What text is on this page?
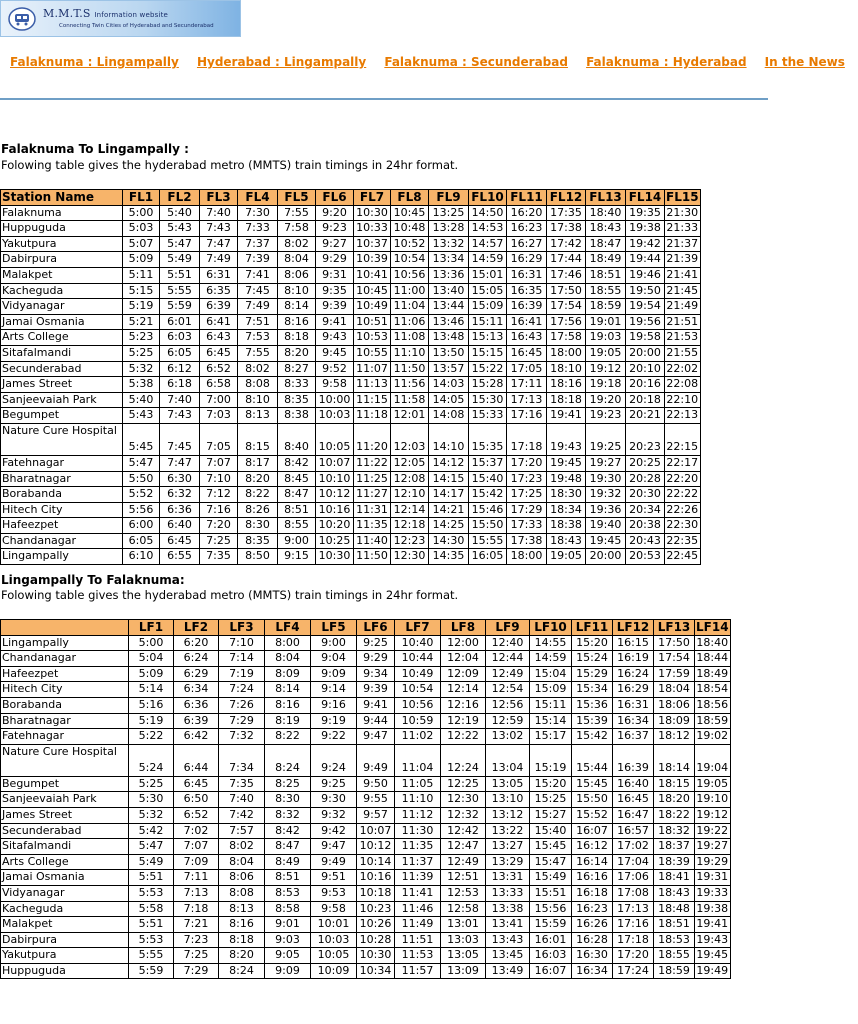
M.M.T.S Information website
Connecting Twin Cities of Hyderabad and Secunderabad
Falaknuma : Lingampally Hyderabad : Lingampally Falaknuma : Secunderabad Falaknuma : Hyderabad In the News
Falaknuma To Lingampally :
Folowing table gives the hyderabad metro (MMTS) train timings in 24hr format.
Station Name	FL1	FL2	FL3	FL4	FL5	FL6	FL7	FL8	FL9	FL10	FL11	FL12	FL13	FL14	FL15
Falaknuma	5:00	5:40	7:40	7:30	7:55	9:20	10:30	10:45	13:25	14:50	16:20	17:35	18:40	19:35	21:30
Huppuguda	5:03	5:43	7:43	7:33	7:58	9:23	10:33	10:48	13:28	14:53	16:23	17:38	18:43	19:38	21:33
Yakutpura	5:07	5:47	7:47	7:37	8:02	9:27	10:37	10:52	13:32	14:57	16:27	17:42	18:47	19:42	21:37
Dabirpura	5:09	5:49	7:49	7:39	8:04	9:29	10:39	10:54	13:34	14:59	16:29	17:44	18:49	19:44	21:39
Malakpet	5:11	5:51	6:31	7:41	8:06	9:31	10:41	10:56	13:36	15:01	16:31	17:46	18:51	19:46	21:41
Kacheguda	5:15	5:55	6:35	7:45	8:10	9:35	10:45	11:00	13:40	15:05	16:35	17:50	18:55	19:50	21:45
Vidyanagar	5:19	5:59	6:39	7:49	8:14	9:39	10:49	11:04	13:44	15:09	16:39	17:54	18:59	19:54	21:49
Jamai Osmania	5:21	6:01	6:41	7:51	8:16	9:41	10:51	11:06	13:46	15:11	16:41	17:56	19:01	19:56	21:51
Arts College	5:23	6:03	6:43	7:53	8:18	9:43	10:53	11:08	13:48	15:13	16:43	17:58	19:03	19:58	21:53
Sitafalmandi	5:25	6:05	6:45	7:55	8:20	9:45	10:55	11:10	13:50	15:15	16:45	18:00	19:05	20:00	21:55
Secunderabad	5:32	6:12	6:52	8:02	8:27	9:52	11:07	11:50	13:57	15:22	17:05	18:10	19:12	20:10	22:02
James Street	5:38	6:18	6:58	8:08	8:33	9:58	11:13	11:56	14:03	15:28	17:11	18:16	19:18	20:16	22:08
Sanjeevaiah Park	5:40	7:40	7:00	8:10	8:35	10:00	11:15	11:58	14:05	15:30	17:13	18:18	19:20	20:18	22:10
Begumpet	5:43	7:43	7:03	8:13	8:38	10:03	11:18	12:01	14:08	15:33	17:16	19:41	19:23	20:21	22:13
Nature Cure Hospital	5:45	7:45	7:05	8:15	8:40	10:05	11:20	12:03	14:10	15:35	17:18	19:43	19:25	20:23	22:15
Fatehnagar	5:47	7:47	7:07	8:17	8:42	10:07	11:22	12:05	14:12	15:37	17:20	19:45	19:27	20:25	22:17
Bharatnagar	5:50	6:30	7:10	8:20	8:45	10:10	11:25	12:08	14:15	15:40	17:23	19:48	19:30	20:28	22:20
Borabanda	5:52	6:32	7:12	8:22	8:47	10:12	11:27	12:10	14:17	15:42	17:25	18:30	19:32	20:30	22:22
Hitech City	5:56	6:36	7:16	8:26	8:51	10:16	11:31	12:14	14:21	15:46	17:29	18:34	19:36	20:34	22:26
Hafeezpet	6:00	6:40	7:20	8:30	8:55	10:20	11:35	12:18	14:25	15:50	17:33	18:38	19:40	20:38	22:30
Chandanagar	6:05	6:45	7:25	8:35	9:00	10:25	11:40	12:23	14:30	15:55	17:38	18:43	19:45	20:43	22:35
Lingampally	6:10	6:55	7:35	8:50	9:15	10:30	11:50	12:30	14:35	16:05	18:00	19:05	20:00	20:53	22:45
Lingampally To Falaknuma:
Folowing table gives the hyderabad metro (MMTS) train timings in 24hr format.
	LF1	LF2	LF3	LF4	LF5	LF6	LF7	LF8	LF9	LF10	LF11	LF12	LF13	LF14
Lingampally	5:00	6:20	7:10	8:00	9:00	9:25	10:40	12:00	12:40	14:55	15:20	16:15	17:50	18:40
Chandanagar	5:04	6:24	7:14	8:04	9:04	9:29	10:44	12:04	12:44	14:59	15:24	16:19	17:54	18:44
Hafeezpet	5:09	6:29	7:19	8:09	9:09	9:34	10:49	12:09	12:49	15:04	15:29	16:24	17:59	18:49
Hitech City	5:14	6:34	7:24	8:14	9:14	9:39	10:54	12:14	12:54	15:09	15:34	16:29	18:04	18:54
Borabanda	5:16	6:36	7:26	8:16	9:16	9:41	10:56	12:16	12:56	15:11	15:36	16:31	18:06	18:56
Bharatnagar	5:19	6:39	7:29	8:19	9:19	9:44	10:59	12:19	12:59	15:14	15:39	16:34	18:09	18:59
Fatehnagar	5:22	6:42	7:32	8:22	9:22	9:47	11:02	12:22	13:02	15:17	15:42	16:37	18:12	19:02
Nature Cure Hospital	5:24	6:44	7:34	8:24	9:24	9:49	11:04	12:24	13:04	15:19	15:44	16:39	18:14	19:04
Begumpet	5:25	6:45	7:35	8:25	9:25	9:50	11:05	12:25	13:05	15:20	15:45	16:40	18:15	19:05
Sanjeevaiah Park	5:30	6:50	7:40	8:30	9:30	9:55	11:10	12:30	13:10	15:25	15:50	16:45	18:20	19:10
James Street	5:32	6:52	7:42	8:32	9:32	9:57	11:12	12:32	13:12	15:27	15:52	16:47	18:22	19:12
Secunderabad	5:42	7:02	7:57	8:42	9:42	10:07	11:30	12:42	13:22	15:40	16:07	16:57	18:32	19:22
Sitafalmandi	5:47	7:07	8:02	8:47	9:47	10:12	11:35	12:47	13:27	15:45	16:12	17:02	18:37	19:27
Arts College	5:49	7:09	8:04	8:49	9:49	10:14	11:37	12:49	13:29	15:47	16:14	17:04	18:39	19:29
Jamai Osmania	5:51	7:11	8:06	8:51	9:51	10:16	11:39	12:51	13:31	15:49	16:16	17:06	18:41	19:31
Vidyanagar	5:53	7:13	8:08	8:53	9:53	10:18	11:41	12:53	13:33	15:51	16:18	17:08	18:43	19:33
Kacheguda	5:58	7:18	8:13	8:58	9:58	10:23	11:46	12:58	13:38	15:56	16:23	17:13	18:48	19:38
Malakpet	5:51	7:21	8:16	9:01	10:01	10:26	11:49	13:01	13:41	15:59	16:26	17:16	18:51	19:41
Dabirpura	5:53	7:23	8:18	9:03	10:03	10:28	11:51	13:03	13:43	16:01	16:28	17:18	18:53	19:43
Yakutpura	5:55	7:25	8:20	9:05	10:05	10:30	11:53	13:05	13:45	16:03	16:30	17:20	18:55	19:45
Huppuguda	5:59	7:29	8:24	9:09	10:09	10:34	11:57	13:09	13:49	16:07	16:34	17:24	18:59	19:49
